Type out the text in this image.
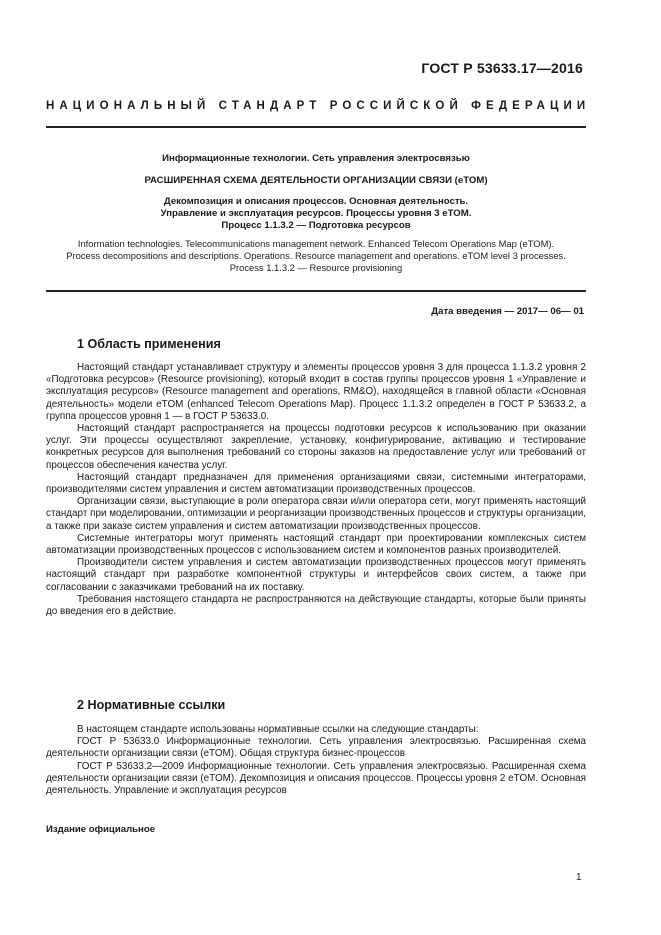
ГОСТ Р 53633.17—2016
НАЦИОНАЛЬНЫЙ СТАНДАРТ РОССИЙСКОЙ ФЕДЕРАЦИИ
Информационные технологии. Сеть управления электросвязью
РАСШИРЕННАЯ СХЕМА ДЕЯТЕЛЬНОСТИ ОРГАНИЗАЦИИ СВЯЗИ (eTOM)
Декомпозиция и описания процессов. Основная деятельность.
Управление и эксплуатация ресурсов. Процессы уровня 3 eTOM.
Процесс 1.1.3.2 — Подготовка ресурсов
Information technologies. Telecommunications management network. Enhanced Telecom Operations Map (eTOM).
Process decompositions and descriptions. Operations. Resource management and operations. eTOM level 3 processes.
Process 1.1.3.2 — Resource provisioning
Дата введения — 2017— 06— 01
1 Область применения

Настоящий стандарт устанавливает структуру и элементы процессов уровня 3 для процесса 1.1.3.2 уровня 2 «Подготовка ресурсов» (Resource provisioning), который входит в состав группы процессов уровня 1 «Управление и эксплуатация ресурсов» (Resource management and operations, RM&O), находящейся в главной области «Основная деятельность» модели eTOM (enhanced Telecom Operations Map). Процесс 1.1.3.2 определен в ГОСТ Р 53633.2, а группа процессов уровня 1 — в ГОСТ Р 53633.0.

Настоящий стандарт распространяется на процессы подготовки ресурсов к использованию при оказании услуг. Эти процессы осуществляют закрепление, установку, конфигурирование, активацию и тестирование конкретных ресурсов для выполнения требований со стороны заказов на предоставление услуг или требований от процессов обеспечения качества услуг.

Настоящий стандарт предназначен для применения организациями связи, системными интеграторами, производителями систем управления и систем автоматизации производственных процессов.

Организации связи, выступающие в роли оператора связи и/или оператора сети, могут применять настоящий стандарт при моделировании, оптимизации и реорганизации производственных процессов и структуры организации, а также при заказе систем управления и систем автоматизации производственных процессов.

Системные интеграторы могут применять настоящий стандарт при проектировании комплексных систем автоматизации производственных процессов с использованием систем и компонентов разных производителей.

Производители систем управления и систем автоматизации производственных процессов могут применять настоящий стандарт при разработке компонентной структуры и интерфейсов своих систем, а также при согласовании с заказчиками требований на их поставку.

Требования настоящего стандарта не распространяются на действующие стандарты, которые были приняты до введения его в действие.

2 Нормативные ссылки

В настоящем стандарте использованы нормативные ссылки на следующие стандарты:

ГОСТ Р 53633.0 Информационные технологии. Сеть управления электросвязью. Расширенная схема деятельности организации связи (eTOM). Общая структура бизнес-процессов

ГОСТ Р 53633.2—2009 Информационные технологии. Сеть управления электросвязью. Расширенная схема деятельности организации связи (eTOM). Декомпозиция и описания процессов. Процессы уровня 2 eTOM. Основная деятельность. Управление и эксплуатация ресурсов

Издание официальное
1
